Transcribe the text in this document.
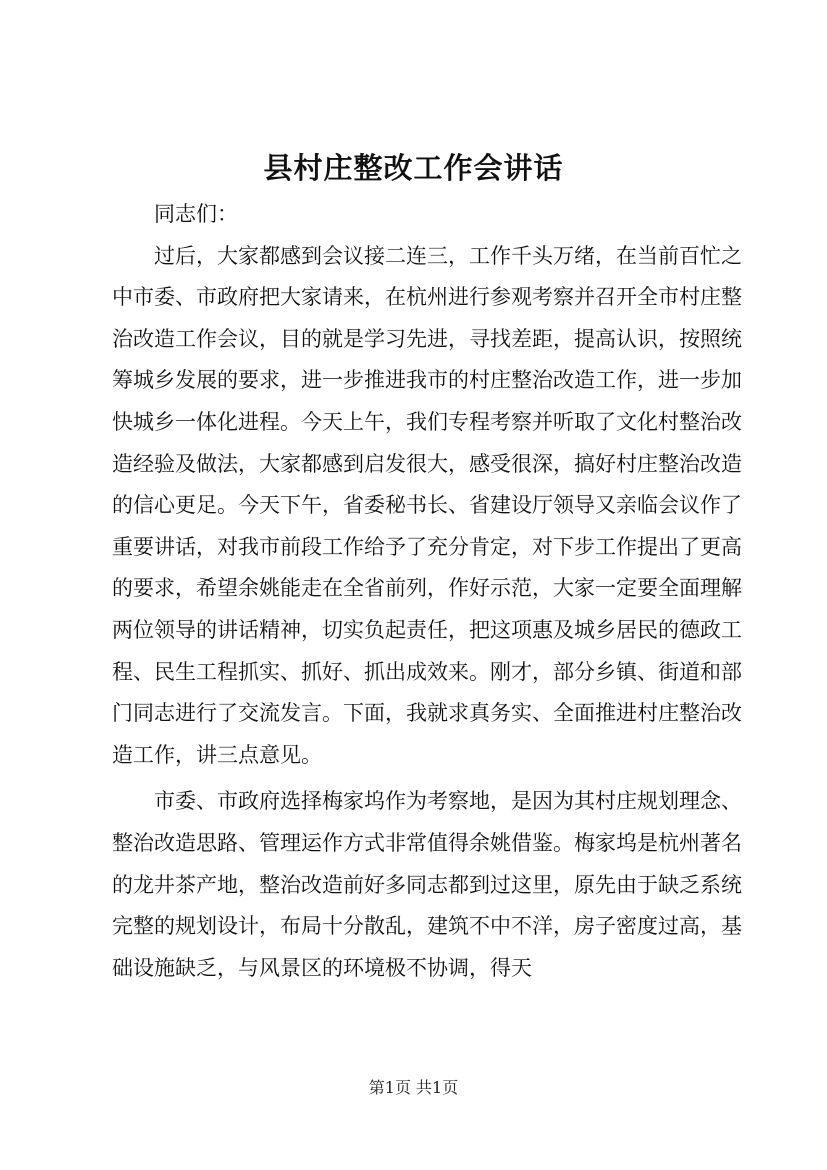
县村庄整改工作会讲话

同志们：

过后，大家都感到会议接二连三，工作千头万绪，在当前百忙之中市委、市政府把大家请来，在杭州进行参观考察并召开全市村庄整治改造工作会议，目的就是学习先进，寻找差距，提高认识，按照统筹城乡发展的要求，进一步推进我市的村庄整治改造工作，进一步加快城乡一体化进程。今天上午，我们专程考察并听取了文化村整治改造经验及做法，大家都感到启发很大，感受很深，搞好村庄整治改造的信心更足。今天下午，省委秘书长、省建设厅领导又亲临会议作了重要讲话，对我市前段工作给予了充分肯定，对下步工作提出了更高的要求，希望余姚能走在全省前列，作好示范，大家一定要全面理解两位领导的讲话精神，切实负起责任，把这项惠及城乡居民的德政工程、民生工程抓实、抓好、抓出成效来。刚才，部分乡镇、街道和部门同志进行了交流发言。下面，我就求真务实、全面推进村庄整治改造工作，讲三点意见。

市委、市政府选择梅家坞作为考察地，是因为其村庄规划理念、整治改造思路、管理运作方式非常值得余姚借鉴。梅家坞是杭州著名的龙井茶产地，整治改造前好多同志都到过这里，原先由于缺乏系统完整的规划设计，布局十分散乱，建筑不中不洋，房子密度过高，基础设施缺乏，与风景区的环境极不协调，得天

第1页 共1页
